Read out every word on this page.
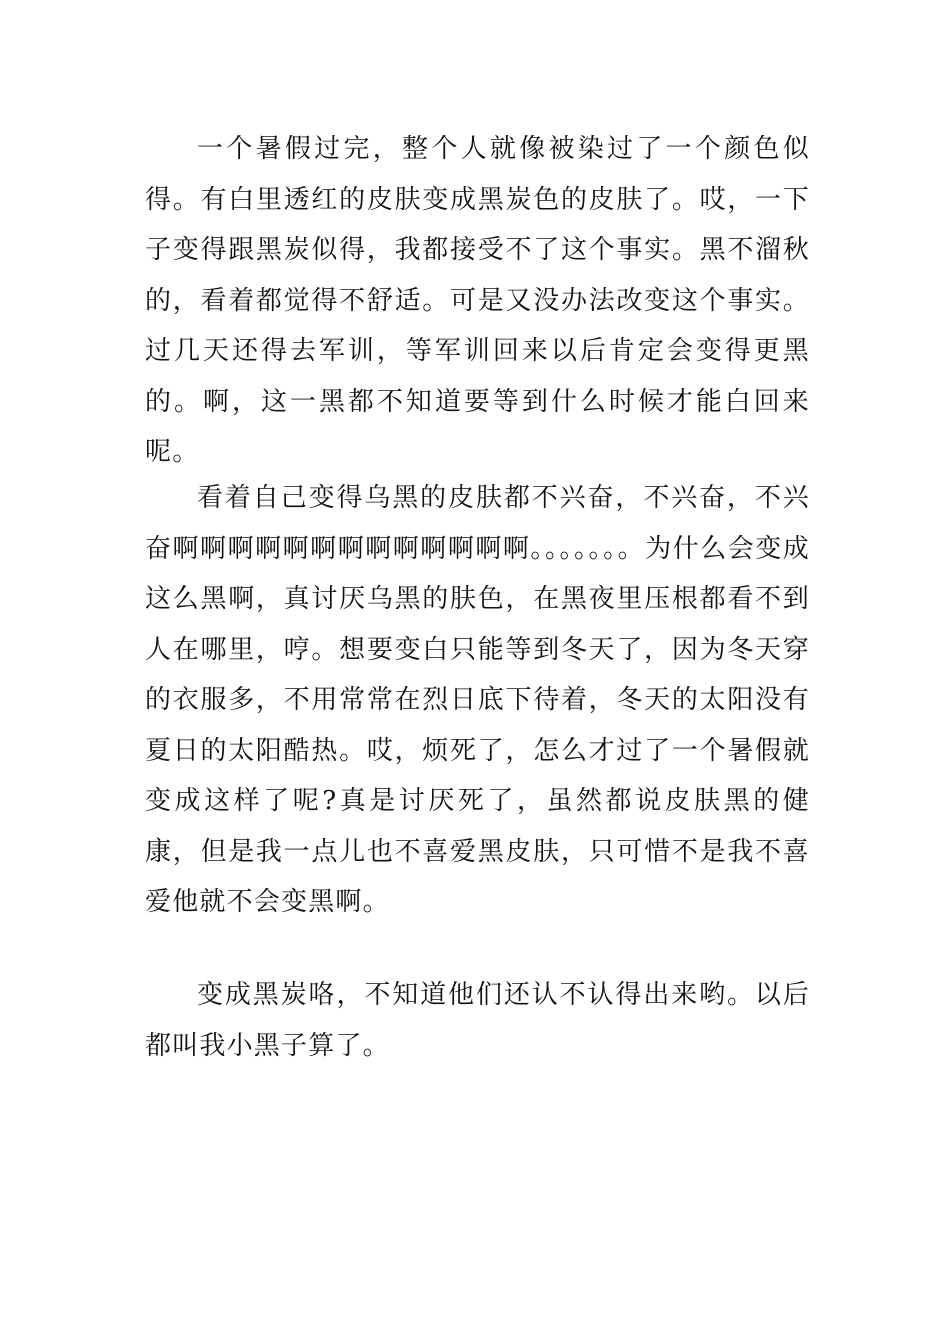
一个暑假过完，整个人就像被染过了一个颜色似得。有白里透红的皮肤变成黑炭色的皮肤了。哎，一下子变得跟黑炭似得，我都接受不了这个事实。黑不溜秋的，看着都觉得不舒适。可是又没办法改变这个事实。过几天还得去军训，等军训回来以后肯定会变得更黑的。啊，这一黑都不知道要等到什么时候才能白回来呢。

看着自己变得乌黑的皮肤都不兴奋，不兴奋，不兴奋啊啊啊啊啊啊啊啊啊啊啊啊啊。。。。。。。为什么会变成这么黑啊，真讨厌乌黑的肤色，在黑夜里压根都看不到人在哪里，哼。想要变白只能等到冬天了，因为冬天穿的衣服多，不用常常在烈日底下待着，冬天的太阳没有夏日的太阳酷热。哎，烦死了，怎么才过了一个暑假就变成这样了呢?真是讨厌死了，虽然都说皮肤黑的健康，但是我一点儿也不喜爱黑皮肤，只可惜不是我不喜爱他就不会变黑啊。

变成黑炭咯，不知道他们还认不认得出来哟。以后都叫我小黑子算了。
